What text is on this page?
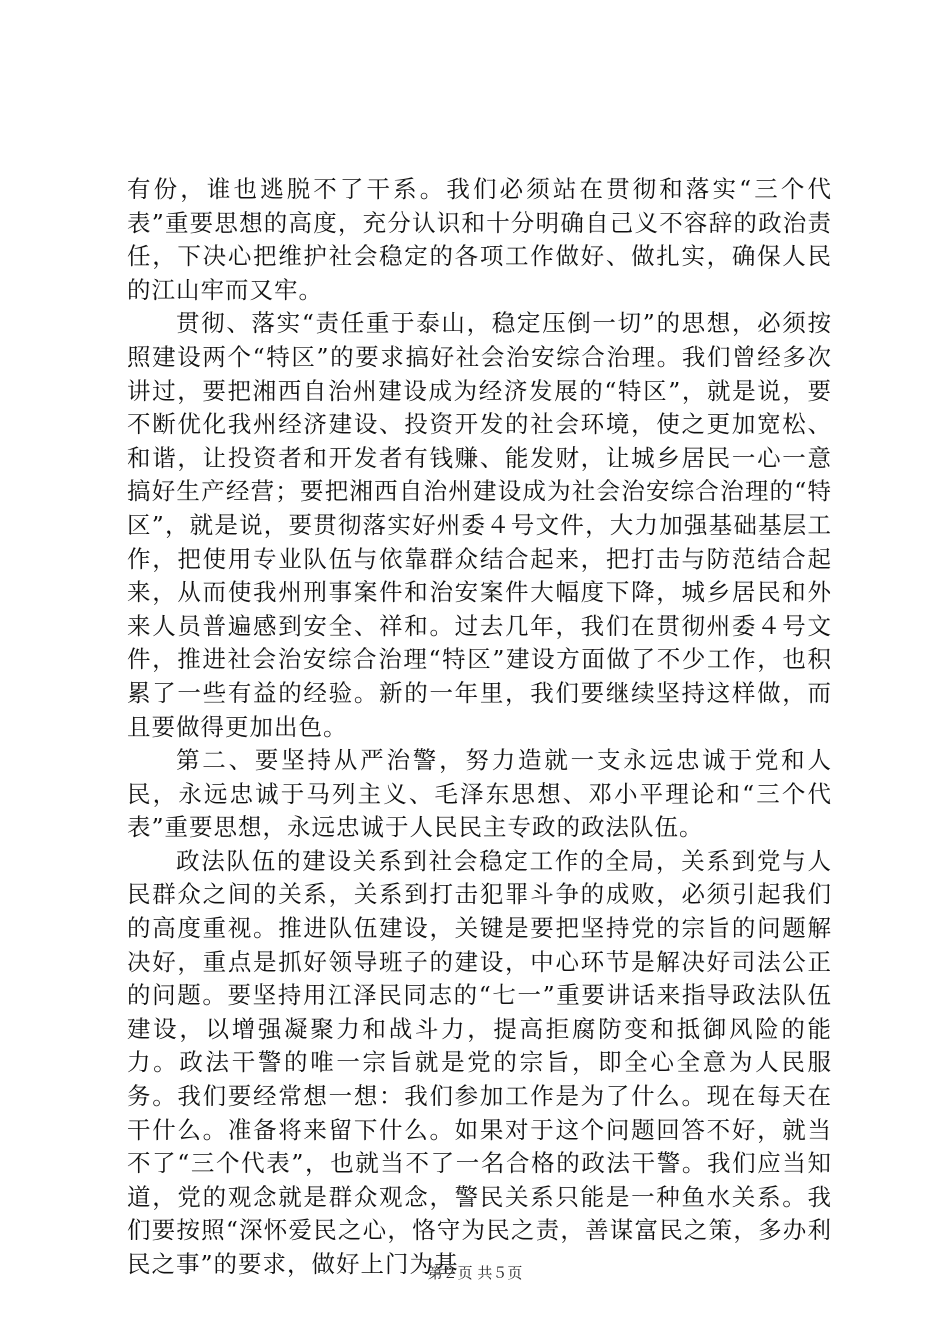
有份，谁也逃脱不了干系。我们必须站在贯彻和落实“三个代表”重要思想的高度，充分认识和十分明确自己义不容辞的政治责任，下决心把维护社会稳定的各项工作做好、做扎实，确保人民的江山牢而又牢。

贯彻、落实“责任重于泰山，稳定压倒一切”的思想，必须按照建设两个“特区”的要求搞好社会治安综合治理。我们曾经多次讲过，要把湘西自治州建设成为经济发展的“特区”，就是说，要不断优化我州经济建设、投资开发的社会环境，使之更加宽松、和谐，让投资者和开发者有钱赚、能发财，让城乡居民一心一意搞好生产经营；要把湘西自治州建设成为社会治安综合治理的“特区”，就是说，要贯彻落实好州委４号文件，大力加强基础基层工作，把使用专业队伍与依靠群众结合起来，把打击与防范结合起来，从而使我州刑事案件和治安案件大幅度下降，城乡居民和外来人员普遍感到安全、祥和。过去几年，我们在贯彻州委４号文件，推进社会治安综合治理“特区”建设方面做了不少工作，也积累了一些有益的经验。新的一年里，我们要继续坚持这样做，而且要做得更加出色。

第二、要坚持从严治警，努力造就一支永远忠诚于党和人民，永远忠诚于马列主义、毛泽东思想、邓小平理论和“三个代表”重要思想，永远忠诚于人民民主专政的政法队伍。

政法队伍的建设关系到社会稳定工作的全局，关系到党与人民群众之间的关系，关系到打击犯罪斗争的成败，必须引起我们的高度重视。推进队伍建设，关键是要把坚持党的宗旨的问题解决好，重点是抓好领导班子的建设，中心环节是解决好司法公正的问题。要坚持用江泽民同志的“七一”重要讲话来指导政法队伍建设，以增强凝聚力和战斗力，提高拒腐防变和抵御风险的能力。政法干警的唯一宗旨就是党的宗旨，即全心全意为人民服务。我们要经常想一想：我们参加工作是为了什么。现在每天在干什么。准备将来留下什么。如果对于这个问题回答不好，就当不了“三个代表”，也就当不了一名合格的政法干警。我们应当知道，党的观念就是群众观念，警民关系只能是一种鱼水关系。我们要按照“深怀爱民之心，恪守为民之责，善谋富民之策，多办利民之事”的要求，做好上门为基

第２页 共５页
